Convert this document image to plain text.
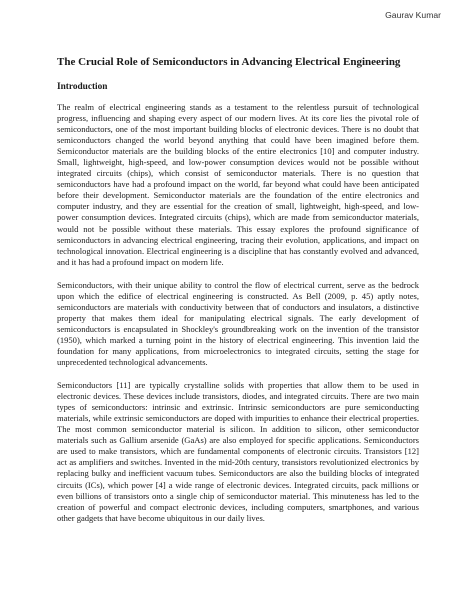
Gaurav Kumar
The Crucial Role of Semiconductors in Advancing Electrical Engineering
Introduction

The realm of electrical engineering stands as a testament to the relentless pursuit of technological progress, influencing and shaping every aspect of our modern lives. At its core lies the pivotal role of semiconductors, one of the most important building blocks of electronic devices. There is no doubt that semiconductors changed the world beyond anything that could have been imagined before them. Semiconductor materials are the building blocks of the entire electronics [10] and computer industry. Small, lightweight, high-speed, and low-power consumption devices would not be possible without integrated circuits (chips), which consist of semiconductor materials. There is no question that semiconductors have had a profound impact on the world, far beyond what could have been anticipated before their development. Semiconductor materials are the foundation of the entire electronics and computer industry, and they are essential for the creation of small, lightweight, high-speed, and low-power consumption devices. Integrated circuits (chips), which are made from semiconductor materials, would not be possible without these materials. This essay explores the profound significance of semiconductors in advancing electrical engineering, tracing their evolution, applications, and impact on technological innovation. Electrical engineering is a discipline that has constantly evolved and advanced, and it has had a profound impact on modern life.

Semiconductors, with their unique ability to control the flow of electrical current, serve as the bedrock upon which the edifice of electrical engineering is constructed. As Bell (2009, p. 45) aptly notes, semiconductors are materials with conductivity between that of conductors and insulators, a distinctive property that makes them ideal for manipulating electrical signals. The early development of semiconductors is encapsulated in Shockley's groundbreaking work on the invention of the transistor (1950), which marked a turning point in the history of electrical engineering. This invention laid the foundation for many applications, from microelectronics to integrated circuits, setting the stage for unprecedented technological advancements.

Semiconductors [11] are typically crystalline solids with properties that allow them to be used in electronic devices. These devices include transistors, diodes, and integrated circuits. There are two main types of semiconductors: intrinsic and extrinsic. Intrinsic semiconductors are pure semiconducting materials, while extrinsic semiconductors are doped with impurities to enhance their electrical properties. The most common semiconductor material is silicon. In addition to silicon, other semiconductor materials such as Gallium arsenide (GaAs) are also employed for specific applications. Semiconductors are used to make transistors, which are fundamental components of electronic circuits. Transistors [12] act as amplifiers and switches. Invented in the mid-20th century, transistors revolutionized electronics by replacing bulky and inefficient vacuum tubes. Semiconductors are also the building blocks of integrated circuits (ICs), which power [4] a wide range of electronic devices. Integrated circuits, pack millions or even billions of transistors onto a single chip of semiconductor material. This minuteness has led to the creation of powerful and compact electronic devices, including computers, smartphones, and various other gadgets that have become ubiquitous in our daily lives.
